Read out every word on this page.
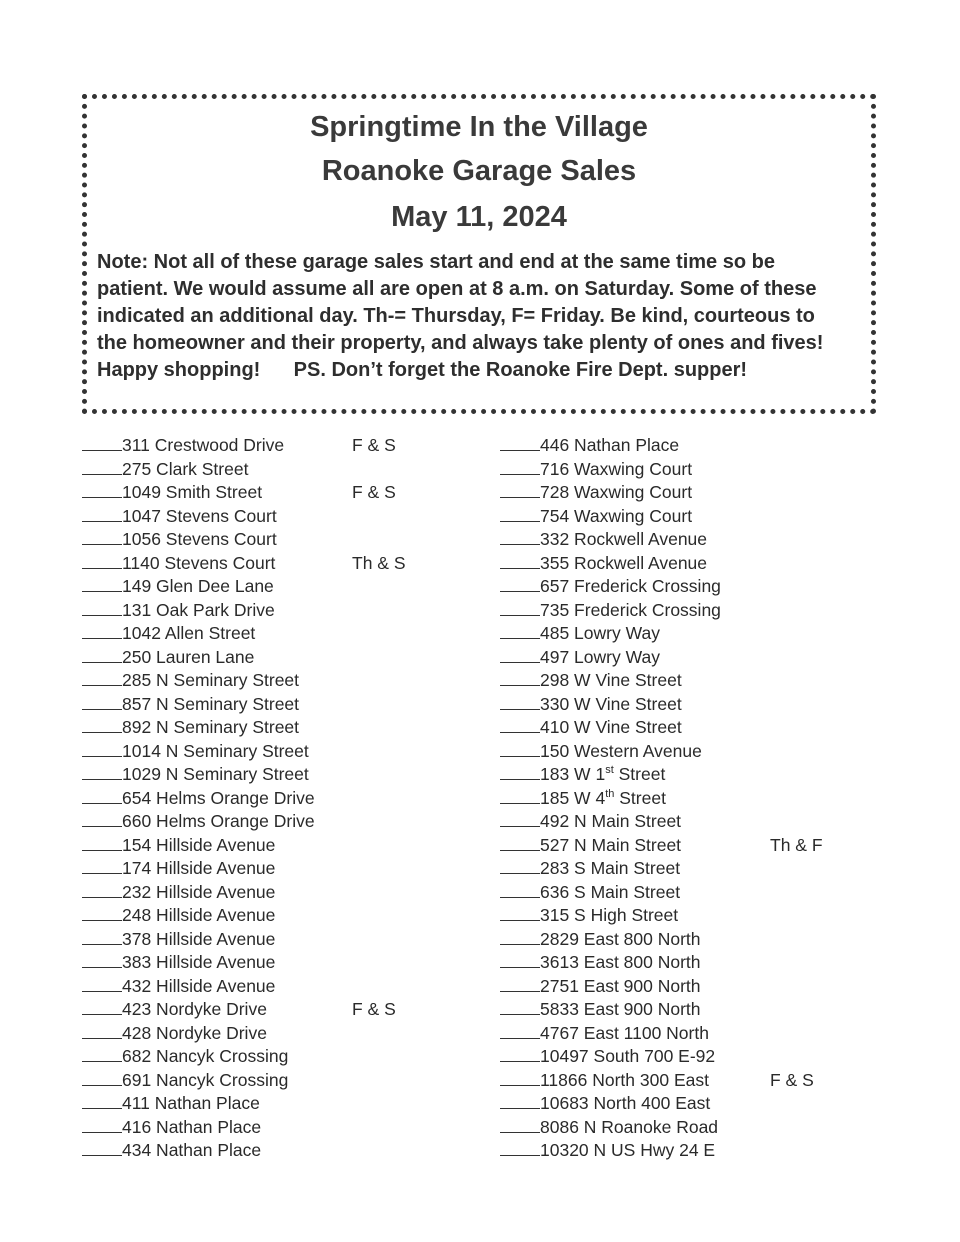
Springtime In the Village
Roanoke Garage Sales
May 11, 2024

Note: Not all of these garage sales start and end at the same time so be

patient. We would assume all are open at 8 a.m. on Saturday. Some of these

indicated an additional day. Th-= Thursday, F= Friday. Be kind, courteous to

the homeowner and their property, and always take plenty of ones and fives!

Happy shopping!      PS. Don’t forget the Roanoke Fire Dept. supper!

311 Crestwood Drive	F & S
275 Clark Street
1049 Smith Street	F & S
1047 Stevens Court
1056 Stevens Court
1140 Stevens Court	Th & S
149 Glen Dee Lane
131 Oak Park Drive
1042 Allen Street
250 Lauren Lane
285 N Seminary Street
857 N Seminary Street
892 N Seminary Street
1014 N Seminary Street
1029 N Seminary Street
654 Helms Orange Drive
660 Helms Orange Drive
154 Hillside Avenue
174 Hillside Avenue
232 Hillside Avenue
248 Hillside Avenue
378 Hillside Avenue
383 Hillside Avenue
432 Hillside Avenue
423 Nordyke Drive	F & S
428 Nordyke Drive
682 Nancyk Crossing
691 Nancyk Crossing
411 Nathan Place
416 Nathan Place
434 Nathan Place
446 Nathan Place
716 Waxwing Court
728 Waxwing Court
754 Waxwing Court
332 Rockwell Avenue
355 Rockwell Avenue
657 Frederick Crossing
735 Frederick Crossing
485 Lowry Way
497 Lowry Way
298 W Vine Street
330 W Vine Street
410 W Vine Street
150 Western Avenue
183 W 1st Street
185 W 4th Street
492 N Main Street
527 N Main Street	Th & F
283 S Main Street
636 S Main Street
315 S High Street
2829 East 800 North
3613 East 800 North
2751 East 900 North
5833 East 900 North
4767 East 1100 North
10497 South 700 E-92
11866 North 300 East	F & S
10683 North 400 East
8086 N Roanoke Road
10320 N US Hwy 24 E
